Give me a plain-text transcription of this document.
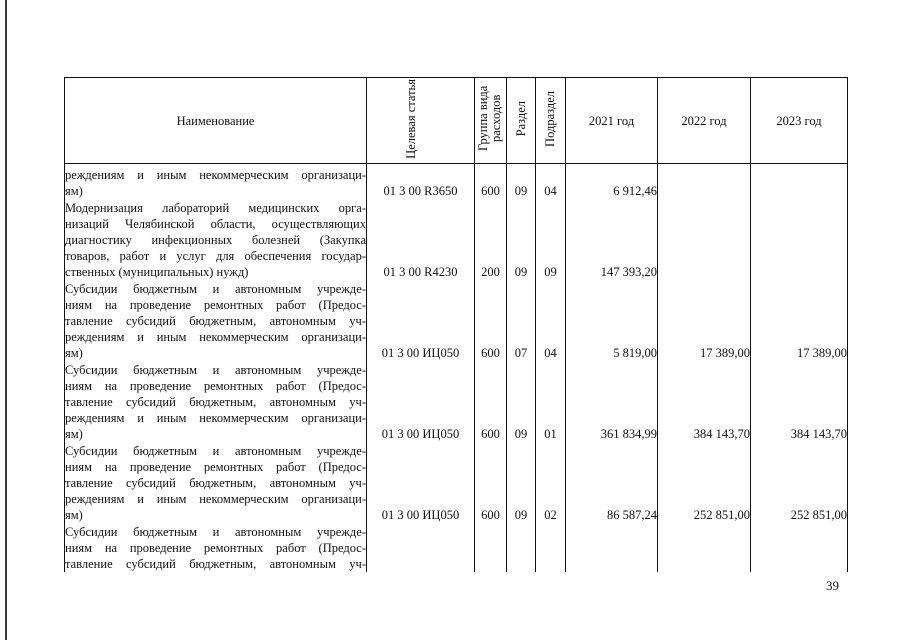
Наименование	Целевая статья	Группа вида расходов	Раздел	Подраздел	2021 год	2022 год	2023 год

реждениям и иным некоммерческим организаци-
ям)	01 3 00 R3650	600	09	04	6 912,46		

Модернизация лабораторий медицинских орга-
низаций Челябинской области, осуществляющих
диагностику инфекционных болезней (Закупка
товаров, работ и услуг для обеспечения государ-
ственных (муниципальных) нужд)	01 3 00 R4230	200	09	09	147 393,20		

Субсидии бюджетным и автономным учрежде-
ниям на проведение ремонтных работ (Предос-
тавление субсидий бюджетным, автономным уч-
реждениям и иным некоммерческим организаци-
ям)	01 3 00 ИЦ050	600	07	04	5 819,00	17 389,00	17 389,00

Субсидии бюджетным и автономным учрежде-
ниям на проведение ремонтных работ (Предос-
тавление субсидий бюджетным, автономным уч-
реждениям и иным некоммерческим организаци-
ям)	01 3 00 ИЦ050	600	09	01	361 834,99	384 143,70	384 143,70

Субсидии бюджетным и автономным учрежде-
ниям на проведение ремонтных работ (Предос-
тавление субсидий бюджетным, автономным уч-
реждениям и иным некоммерческим организаци-
ям)	01 3 00 ИЦ050	600	09	02	86 587,24	252 851,00	252 851,00

Субсидии бюджетным и автономным учрежде-
ниям на проведение ремонтных работ (Предос-
тавление субсидий бюджетным, автономным уч-							

39
